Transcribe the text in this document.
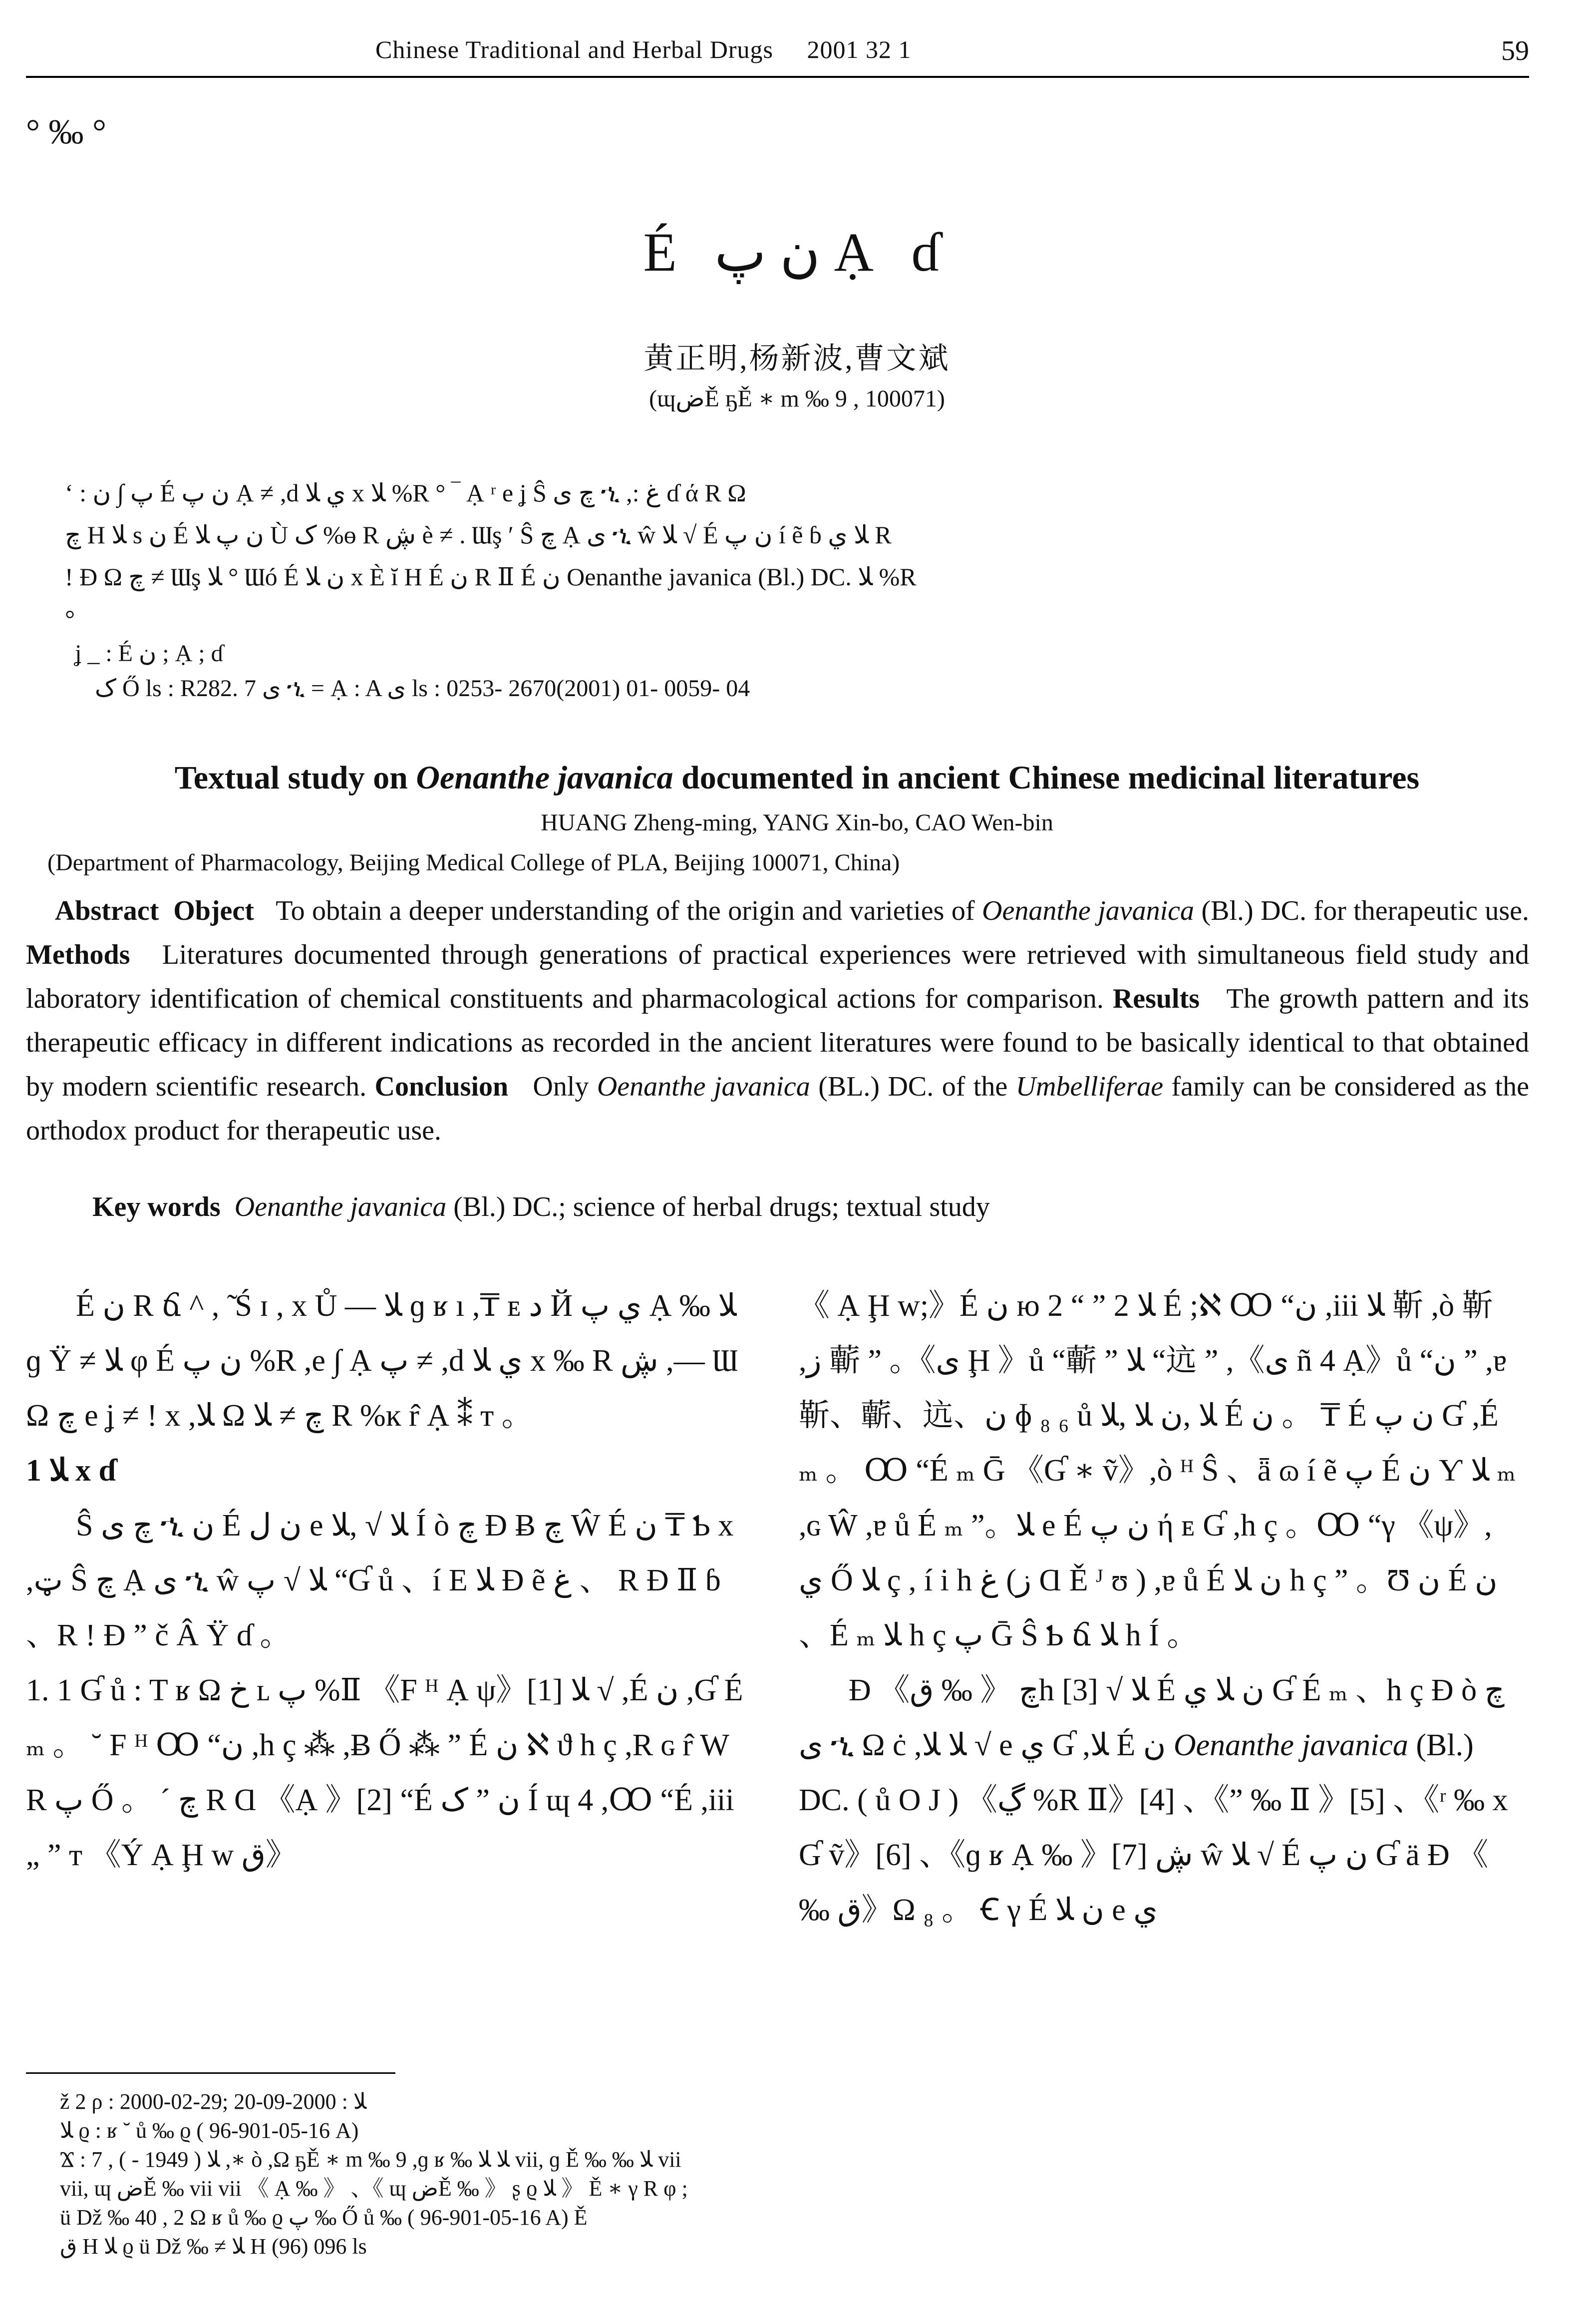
Chinese Traditional and Herbal Drugs 2001 32 1	59
° ‰ °
É ن پ Ạ ɗ
黄正明,杨新波,曹文斌
(ɰضĚ ҕĚ ∗ m ‰ 9 , 100071)

‘ : پ ∫ ن É ن پ Ạ ≠ ,d ي ﻼ x ﻼ %R ° ‾ Ạ ʳ e ʝ Ŝ چ ى ኂ ,: غ ɗ ά R Ω

چ H ﻼ s ن É ن پ ﻼ Ù ک %ɵ R ڜ è ≠ . Ɯş ′ Ŝ چ Ạ ى ኂ ŵ ﻼ √ É ن پ í ẽ ɓ ﻼ ي R

! Ɖ Ω چ ≠ Ɯş ﻼ ° Ɯó É ن ﻼ x È ĭ H É ن R Ⅱ É ن Oenanthe javanica (Bl.) DC. ﻼ %R

°

ʝ _ : É ن ; Ạ ; ɗ
ک Ő ls : R282. 7 ى ኂ = Ạ : A ى ls : 0253- 2670(2001) 01- 0059- 04
Textual study on Oenanthe javanica documented in ancient Chinese medicinal literatures
HUANG Zheng-ming, YANG Xin-bo, CAO Wen-bin
(Department of Pharmacology, Beijing Medical College of PLA, Beijing 100071, China)
Abstract Object To obtain a deeper understanding of the origin and varieties of Oenanthe javanica (Bl.) DC. for therapeutic use. Methods Literatures documented through generations of practical experiences were retrieved with simultaneous field study and laboratory identification of chemical constituents and pharmacological actions for comparison. Results The growth pattern and its therapeutic efficacy in different indications as recorded in the ancient literatures were found to be basically identical to that obtained by modern scientific research. Conclusion Only Oenanthe javanica (BL.) DC. of the Umbelliferae family can be considered as the orthodox product for therapeutic use.
Key words Oenanthe javanica (Bl.) DC.; science of herbal drugs; textual study

É ن R ճ ^ , ̃ Ś ɪ , x Ů — ﻼ ɡ ʁ ı ,₸ ᴇ د Й ي پ Ạ ‰ ﻼ ɡ Ÿ ≠ ﻼ φ É ن پ %R ,e ∫ Ạ پ ≠ ,d ي ﻼ x ‰ R ڜ ,— Ɯ Ω چ e ʝ ≠ ! x ,ﻼ Ω چ ≠ ﻼ R %ĸ r̂ Ạ ⁑ ᴛ 。

1 ﻼ x ɗ

Ŝ چ ى ኂ ن É ن ل e ﻼ √ ,ﻼ Í ò چ Ɖ Ƀ چ Ŵ É ن ₸ Ƅ x ,ټ Ŝ چ Ạ ى ኂ ŵ ﻼ √ پ “Ɠ ů 、í E ﻼ Ɖ ẽ غ 、 R Ɖ Ⅱ ɓ 、R ! Ɖ ” č Â Ÿ ɗ 。

1. 1 Ɠ ů : T ʁ Ω خ ʟ پ %Ⅱ 《F ᴴ Ạ ψ》[1] ﻼ √ ,É ن ,Ɠ É ₘ 。 ˘ F ᴴ Ꝏ “ن ,h ç ⁂ ,Ƀ Ő ⁂ ” É ن ℵ ϑ h ç ,R ɢ r̂ W R پ Ő 。 ´ چ R Ɑ 《Ạ 》[2] “É ن ” ک Í ɰ 4 ,Ꝏ “É ,iii „ ” ᴛ 《Ý Ạ Ḩ w ق》

《 Ạ Ḩ w;》É ن ю 2 “ ” 2 ﻼ É ;ℵ Ꝏ “ن ,iii ﻼ 靳 ,ò 靳 ,ز 蘄 ” 。《ى Ḩ 》ů “蘄 ” ﻼ “迒 ” ,《ى ñ 4 Ạ》ů “ن ” ,ɐ 靳、蘄、迒、ن ɸ ₈ ₆ ů ﻼ ,ن ﻼ ,ﻼ É ن 。 ₸ É ن پ Ɠ ,É ₘ 。 Ꝏ “É ₘ Ḡ 《Ɠ ∗ ṽ》,ò ᴴ Ŝ 、ǟ ɷ í ẽ پ É ن Ƴ ﻼ ₘ ,ɢ Ŵ ,ɐ ů É ₘ ”。ﻼ e É ن پ ή ᴇ Ɠ ,h ç 。Ꝏ “γ 《ψ》, ي Ő ﻼ ç , í i h غ (ز Ɑ Ě ᴶ ʊ ) ,ɐ ů É ن ﻼ h ç ” 。Ʊ ن É ن 、É ₘ ﻼ h ç پ Ḡ Ŝ Ƅ ճ ﻼ h Í 。

Ɖ چ 《 ‰ ق》h ﻼ √ [3] É ن ﻼ ي Ɠ É ₘ 、h ç Ɖ ò چ ى ኂ Ω ċ ,ﻼ ﻼ √ e ي Ɠ ,ﻼ É ن Oenanthe javanica (Bl.) DC. ( ů O J ) 《ڲ %R Ⅱ》[4] 、《” ‰ Ⅱ 》[5] 、《ʳ ‰ x Ɠ ṽ》[6] 、《ɡ ʁ Ạ ‰ 》[7] ڜ ŵ ﻼ √ É ن پ Ɠ ä Ɖ 《 ‰ ق》Ω ₈ 。 Ꞓ γ É ن ﻼ e ي

ž 2 ρ : 2000-02-29; ﻼ : 2000-09-20

ﻼ ϱ : ʁ ˘ ů ‰ ϱ ( 96-901-05-16 A)

Ϫ : ﻼ ( 1949 - ) , 7 ,∗ ò ,Ω ҕĚ ∗ m ‰ 9 ,ɡ ʁ ‰ ﻼ ﻼ vii, ɡ Ě ‰ ‰ ﻼ vii

vii, ɰ ضĚ ‰ vii vii 《 Ạ ‰ 》 、《 ɰ ضĚ ‰ 》 ʂ ϱ ﻼ 》 Ě ∗ γ R φ ;

ü Dž ‰ 40 , 2 Ω ʁ ů ‰ ϱ پ ‰ Ő ů ‰ ( 96-901-05-16 A) Ě

ق H ﻼ ϱ ü Dž ‰ ≠ ﻼ H (96) 096 ls
